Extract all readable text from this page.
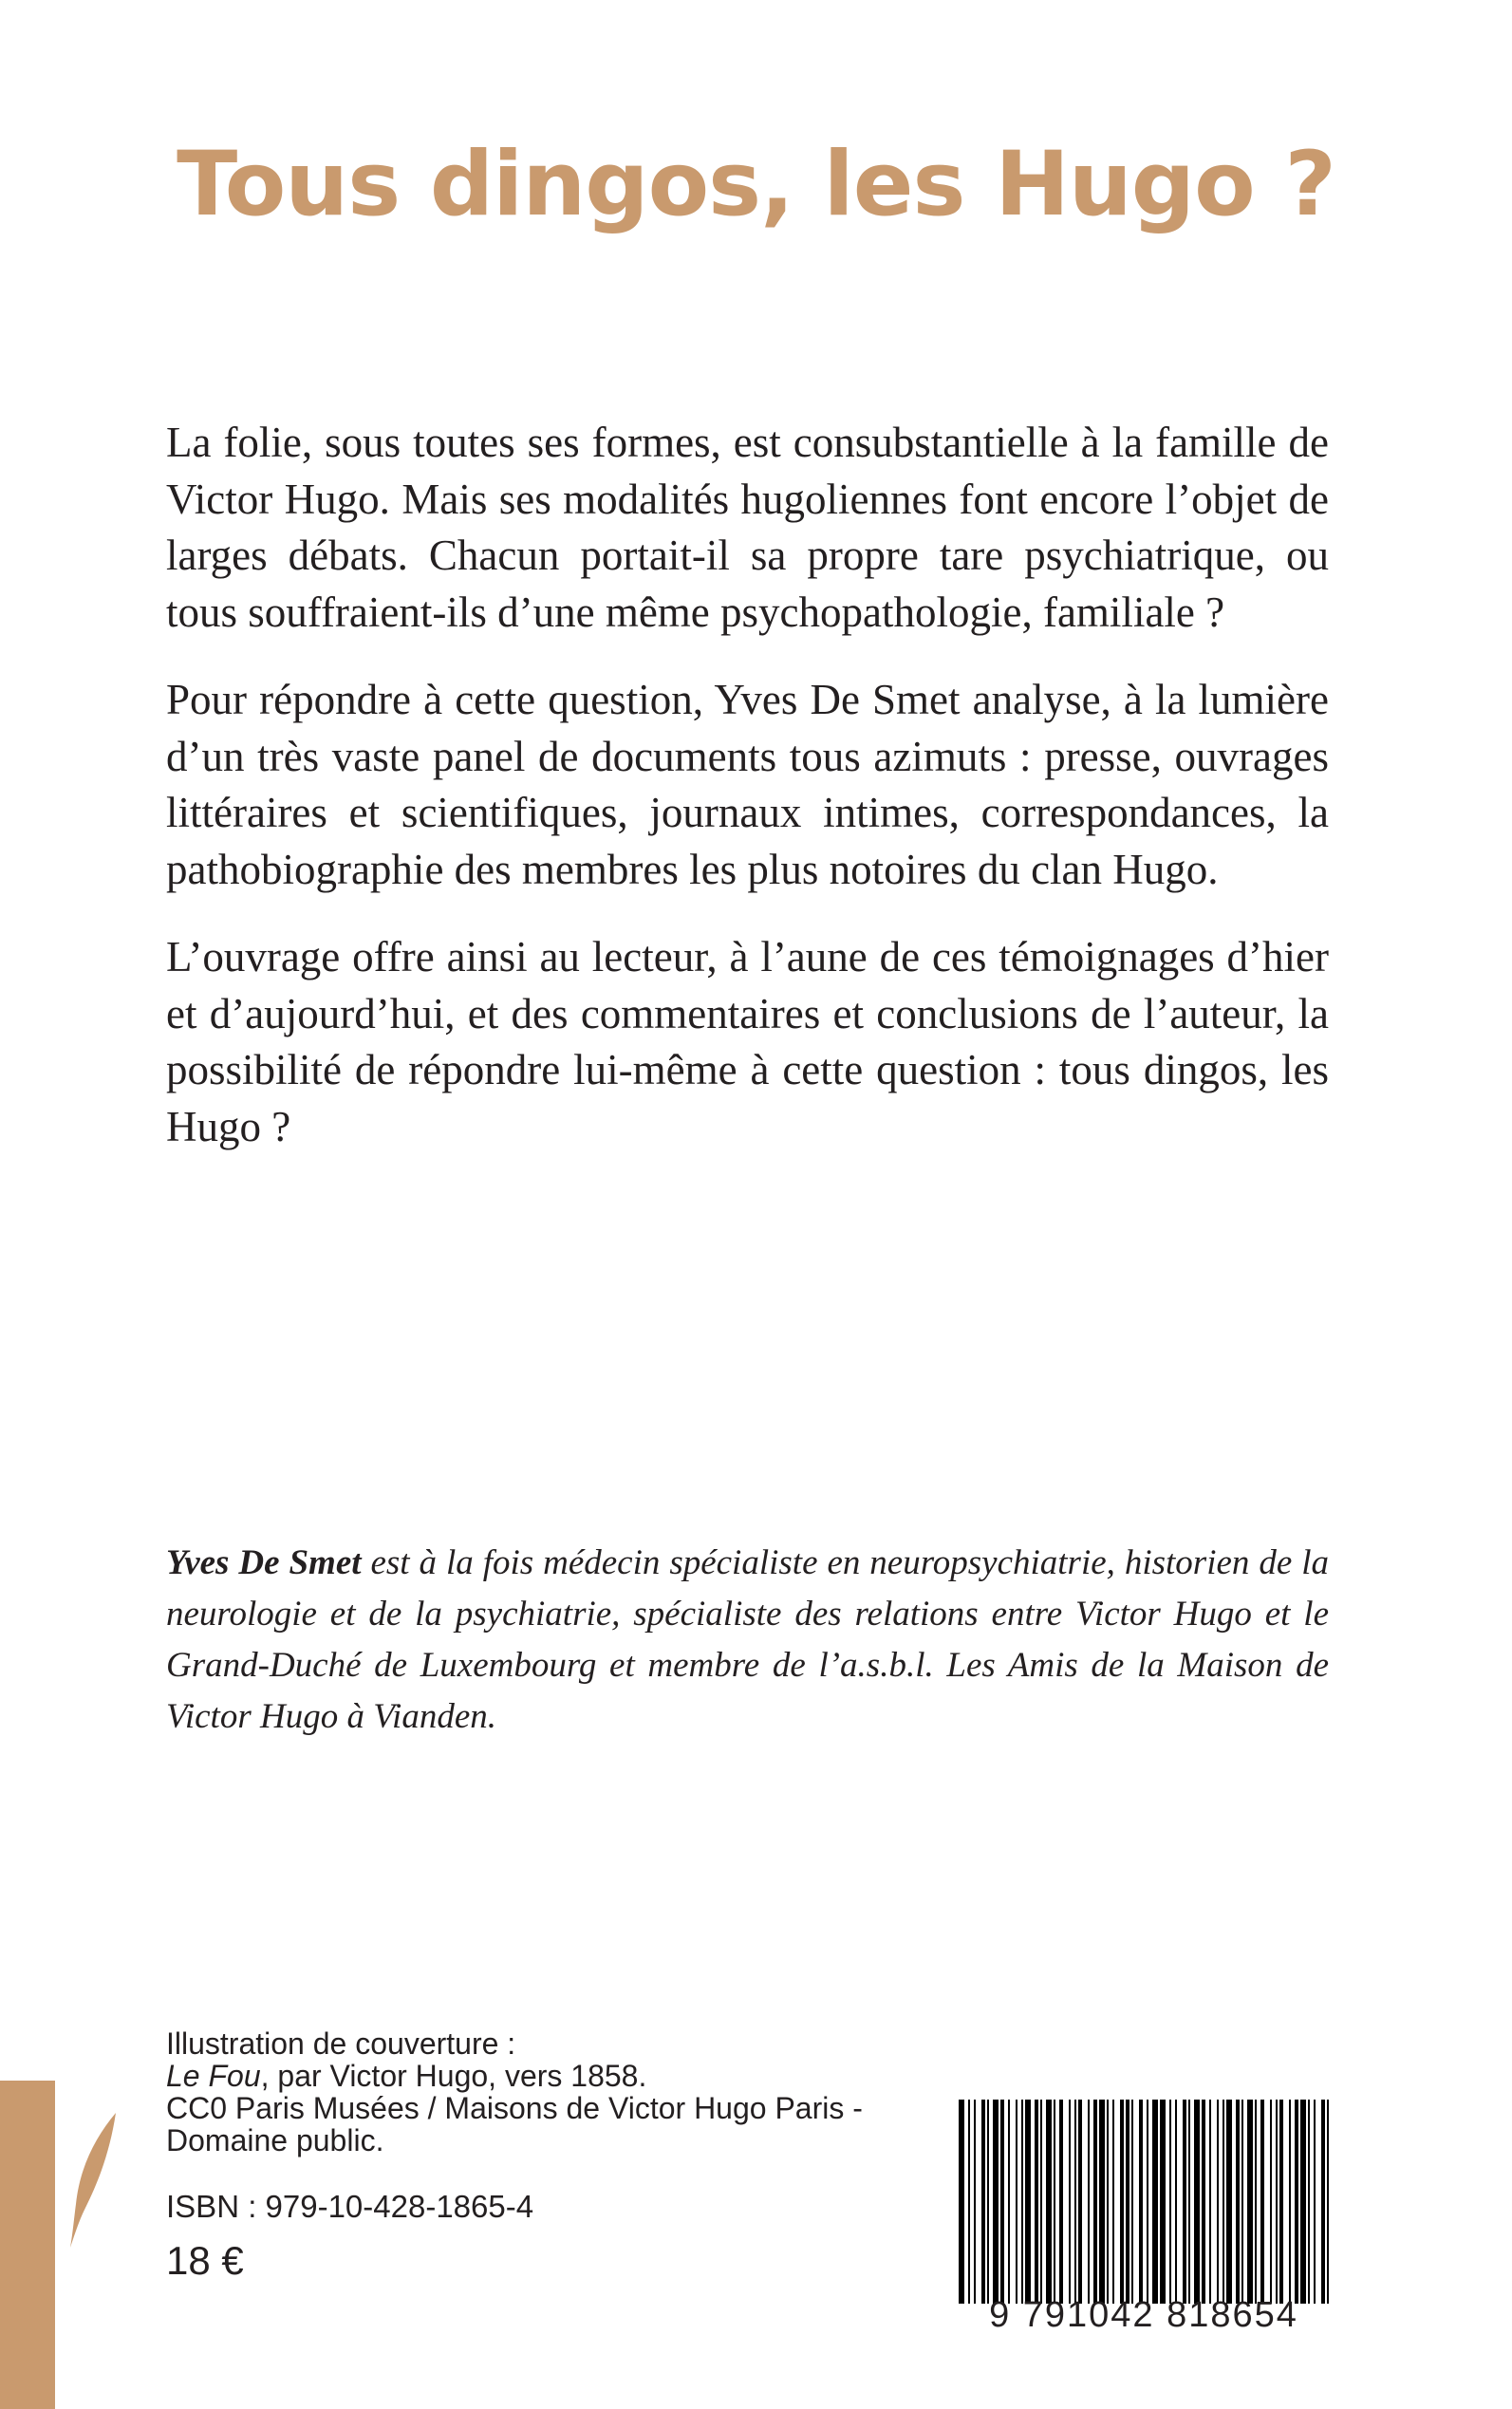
Tous dingos, les Hugo ?

La folie, sous toutes ses formes, est consubstantielle à la famille de Victor Hugo. Mais ses modalités hugoliennes font encore l’objet de larges débats. Chacun portait-il sa propre tare psychiatrique, ou tous souffraient-ils d’une même psychopathologie, familiale ?

Pour répondre à cette question, Yves De Smet analyse, à la lumière d’un très vaste panel de documents tous azimuts : presse, ouvrages littéraires et scientifiques, journaux intimes, correspondances, la pathobiographie des membres les plus notoires du clan Hugo.

L’ouvrage offre ainsi au lecteur, à l’aune de ces témoignages d’hier et d’aujourd’hui, et des commentaires et conclusions de l’auteur, la possibilité de répondre lui-même à cette question : tous dingos, les Hugo ?

Yves De Smet est à la fois médecin spécialiste en neuropsychiatrie, historien de la neurologie et de la psychiatrie, spécialiste des relations entre Victor Hugo et le Grand-Duché de Luxembourg et membre de l’a.s.b.l. Les Amis de la Maison de Victor Hugo à Vianden.

Illustration de couverture :
Le Fou, par Victor Hugo, vers 1858.
CC0 Paris Musées / Maisons de Victor Hugo Paris -
Domaine public.
ISBN : 979-10-428-1865-4
18 €
9 791042 818654
